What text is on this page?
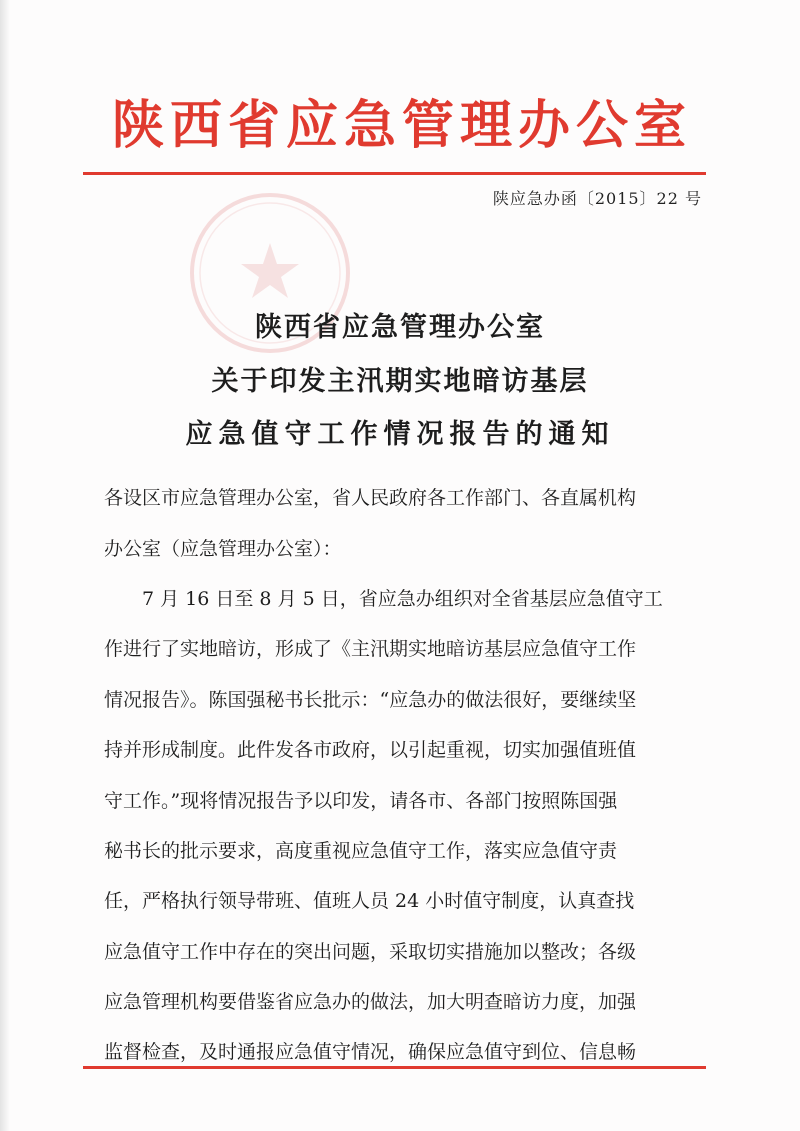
陕西省应急管理办公室
陕应急办函〔2015〕22 号
陕西省应急管理办公室
关于印发主汛期实地暗访基层
应急值守工作情况报告的通知
各设区市应急管理办公室，省人民政府各工作部门、各直属机构
办公室（应急管理办公室）：
　　7 月 16 日至 8 月 5 日，省应急办组织对全省基层应急值守工
作进行了实地暗访，形成了《主汛期实地暗访基层应急值守工作
情况报告》。陈国强秘书长批示：“应急办的做法很好，要继续坚
持并形成制度。此件发各市政府，以引起重视，切实加强值班值
守工作。”现将情况报告予以印发，请各市、各部门按照陈国强
秘书长的批示要求，高度重视应急值守工作，落实应急值守责
任，严格执行领导带班、值班人员 24 小时值守制度，认真查找
应急值守工作中存在的突出问题，采取切实措施加以整改；各级
应急管理机构要借鉴省应急办的做法，加大明查暗访力度，加强
监督检查，及时通报应急值守情况，确保应急值守到位、信息畅
